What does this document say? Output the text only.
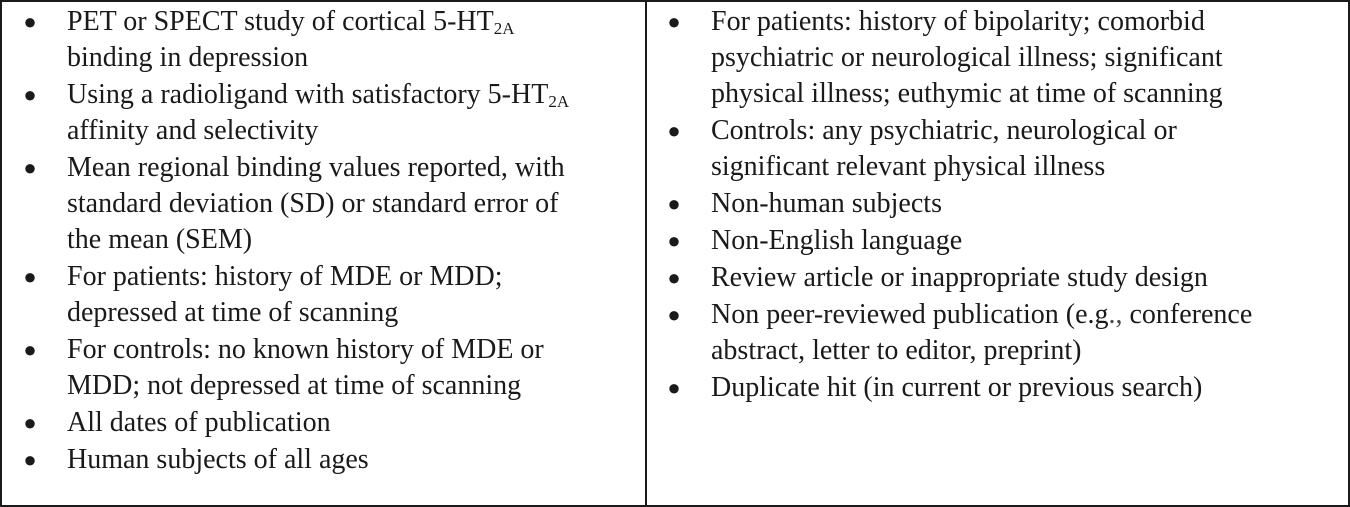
● PET or SPECT study of cortical $5-HT_{2A}$
binding in depression
● Using a radioligand with satisfactory $5-HT_{2A}$
affinity and selectivity
● Mean regional binding values reported, with
standard deviation (SD) or standard error of
the mean (SEM)
● For patients: history of MDE or MDD;
depressed at time of scanning
● For controls: no known history of MDE or
MDD; not depressed at time of scanning
● All dates of publication
● Human subjects of all ages
● For patients: history of bipolarity; comorbid
psychiatric or neurological illness; significant
physical illness; euthymic at time of scanning
● Controls: any psychiatric, neurological or
significant relevant physical illness
● Non-human subjects
● Non-English language
● Review article or inappropriate study design
● Non peer-reviewed publication (e.g., conference
abstract, letter to editor, preprint)
● Duplicate hit (in current or previous search)
